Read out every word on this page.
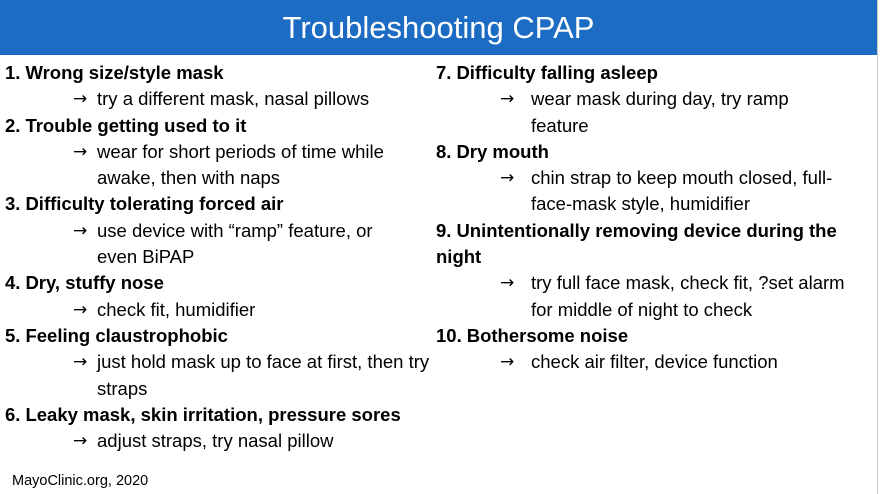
Troubleshooting CPAP
1. Wrong size/style mask
→ try a different mask, nasal pillows
2. Trouble getting used to it
→ wear for short periods of time while awake, then with naps
3. Difficulty tolerating forced air
→ use device with “ramp” feature, or even BiPAP
4. Dry, stuffy nose
→ check fit, humidifier
5. Feeling claustrophobic
→ just hold mask up to face at first, then try straps
6. Leaky mask, skin irritation, pressure sores
→ adjust straps, try nasal pillow
7. Difficulty falling asleep
→ wear mask during day, try ramp feature
8. Dry mouth
→ chin strap to keep mouth closed, full-face-mask style, humidifier
9. Unintentionally removing device during the night
→ try full face mask, check fit, ?set alarm for middle of night to check
10. Bothersome noise
→ check air filter, device function
MayoClinic.org, 2020
